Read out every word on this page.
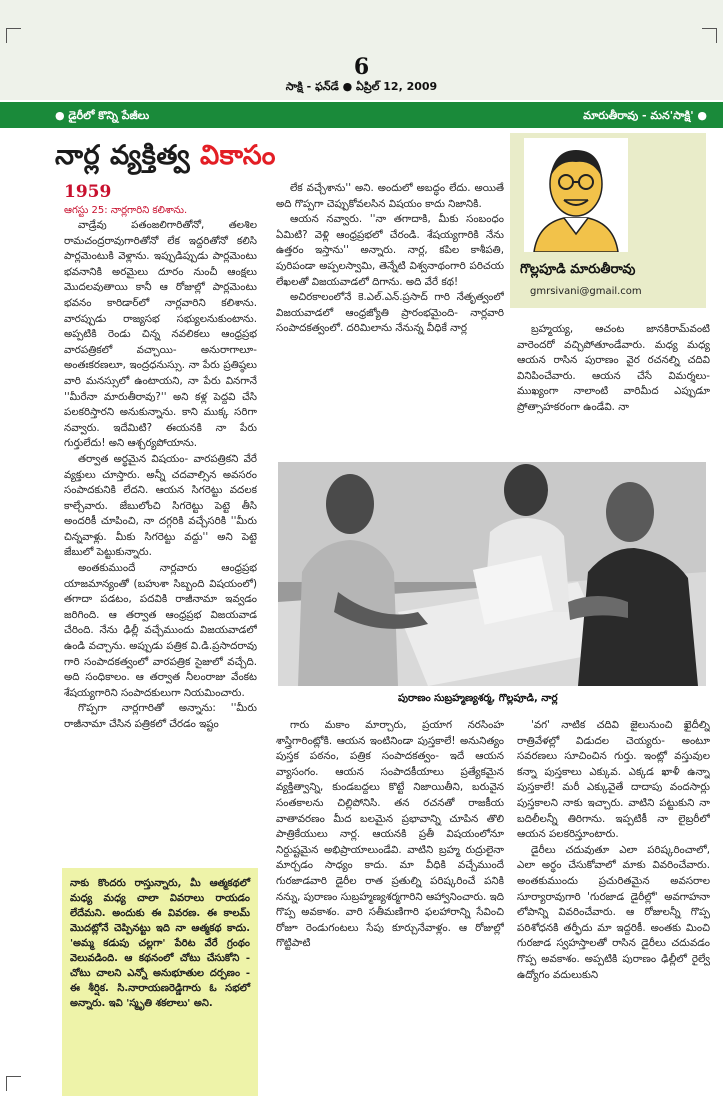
6
సాక్షి - ఫన్‌డే ● ఏప్రిల్ 12, 2009
● డైరీలో కొన్ని పేజీలు	మారుతీరావు - మన'సాక్షి' ●
నార్ల వ్యక్తిత్వ వికాసం
గొల్లపూడి మారుతీరావు
gmrsivani@gmail.com
1959
ఆగస్టు 25: నార్లగారిని కలిశాను.

వాడ్రేవు పతంజలిగారితోనో, తలశిల రామచంద్రరావుగారితోనో లేక ఇద్దరితోనో కలిసి పార్లమెంటుకి వెళ్లాను. ఇప్పుడిప్పుడు పార్లమెంటు భవనానికి అరమైలు దూరం నుంచీ ఆంక్షలు మొదలవుతాయి కానీ ఆ రోజుల్లో పార్లమెంటు భవనం కారిడార్‌లో నార్లవారిని కలిశాను. వారప్పుడు రాజ్యసభ సభ్యులనుకుంటాను. అప్పటికి రెండు చిన్న నవలికలు ఆంధ్రప్రభ వారపత్రికలో వచ్చాయి- అనురాగాలూ- అంతఃకరణలూ, ఇంద్రధనుస్సు. నా పేరు ప్రతిష్ఠలు వారి మనస్సులో ఉంటాయని, నా పేరు వినగానే ''మీరేనా మారుతీరావు?'' అని కళ్ల పెద్దవి చేసి పలకరిస్తారని అనుకున్నాను. కాని ముక్క సరిగా నవ్వారు. ఇదేమిటి? ఈయనకి నా పేరు గుర్తులేదు! అని ఆశ్చర్యపోయాను.

తర్వాత అర్థమైన విషయం- వారపత్రికని వేరే వ్యక్తులు చూస్తారు. అన్నీ చదవాల్సిన అవసరం సంపాదకునికి లేదని. ఆయన సిగరెట్టు వదలక కాల్చేవారు. జేబులోంచి సిగరెట్టు పెట్టె తీసి అందరికీ చూపించి, నా దగ్గరికి వచ్చేసరికి ''మీరు చిన్నవాళ్లు. మీకు సిగరెట్టు వద్దు'' అని పెట్టె జేబులో పెట్టుకున్నారు.

అంతకుముందే నార్లవారు ఆంధ్రప్రభ యాజమాన్యంతో (బహుశా సిబ్బంది విషయంలో) తగాదా పడటం, పదవికి రాజీనామా ఇవ్వడం జరిగింది. ఆ తర్వాత ఆంధ్రప్రభ విజయవాడ చేరింది. నేను ఢిల్లీ వచ్చేముందు విజయవాడలో ఉండి వచ్చాను. అప్పుడు పత్రిక వి.డి.ప్రసాదరావు గారి సంపాదకత్వంలో వారపత్రిక సైజులో వచ్చేది. అది సంధికాలం. ఆ తర్వాత నీలంరాజు వేంకట శేషయ్యగారిని సంపాదకులుగా నియమించారు.

గొప్పగా నార్లగారితో అన్నాను: ''మీరు రాజీనామా చేసిన పత్రికలో చేరడం ఇష్టం

లేక వచ్చేశాను'' అని. అందులో అబద్ధం లేదు. అయితే అది గొప్పగా చెప్పుకోవలసిన విషయం కాదు నిజానికి.

ఆయన నవ్వారు. ''నా తగాదాకి, మీకు సంబంధం ఏమిటి? వెళ్లి ఆంధ్రప్రభలో చేరండి. శేషయ్యగారికి నేను ఉత్తరం ఇస్తాను'' అన్నారు. నార్ల, కపిల కాశీపతి, పురిపండా అప్పలస్వామి, తెన్నేటి విశ్వనాథంగారి పరిచయ లేఖలతో విజయవాడలో దిగాను. అది వేరే కథ!

అచిరకాలంలోనే కె.ఎల్.ఎన్.ప్రసాద్ గారి నేతృత్వంలో విజయవాడలో ఆంధ్రజ్యోతి ప్రారంభమైంది- నార్లవారి సంపాదకత్వంలో. దరిమిలాను నేనున్న వీధికే నార్ల	బ్రహ్మయ్య, ఆచంట జానకిరామ్‌వంటి వారెందరో వచ్చిపోతూండేవారు. మధ్య మధ్య ఆయన రాసిన పురాణం వైర రచనల్ని చదివి వినిపించేవారు. ఆయన చేసే విమర్శలు- ముఖ్యంగా నాలాంటి వారిమీద ఎప్పుడూ ప్రోత్సాహకరంగా ఉండేవి. నా

పురాణం సుబ్రహ్మణ్యశర్మ, గొల్లపూడి, నార్ల

గారు మకాం మార్చారు, ప్రయాగ నరసింహ శాస్త్రిగారింట్లోకి. ఆయన ఇంటినిండా పుస్తకాలే! అనునిత్యం పుస్తక పఠనం, పత్రిక సంపాదకత్వం- ఇదే ఆయన వ్యాసంగం. ఆయన సంపాదకీయాలు ప్రత్యేకమైన వ్యక్తిత్వాన్ని, కుండబద్దలు కొట్టే నిజాయితీని, బరువైన సంతకాలను చిల్లిపోనిసి. తన రచనతో రాజకీయ వాతావరణం మీద బలమైన ప్రభావాన్ని చూపిన తొలి పాత్రికేయులు నార్ల. ఆయనకి ప్రతీ విషయంలోనూ నిర్దుష్టమైన అభిప్రాయాలుండేవి. వాటిని బ్రహ్మ రుద్రులైనా మార్చడం సాధ్యం కాదు. మా వీధికి వచ్చేముందే గురజాడవారి డైరీల రాత ప్రతుల్ని పరిష్కరించే పనికి నన్ను, పురాణం సుబ్రహ్మణ్యశర్మగారిని ఆహ్వానించారు. ఇది గొప్ప అవకాశం. వారి సతీమణిగారి ఫలహారాన్ని సేవించి రోజూ రెండుగంటలు సేపు కూర్చునేవాళ్లం. ఆ రోజుల్లో గొట్టిపాటి

'వగ' నాటిక చదివి జైలునుంచి ఖైదీల్ని రాత్రివేళల్లో విడుదల చెయ్యరు- అంటూ సవరణలు సూచించిన గుర్తు. ఇంట్లో వస్తువుల కన్నా పుస్తకాలు ఎక్కువ. ఎక్కడ ఖాళీ ఉన్నా పుస్తకాలే! మరీ ఎక్కువైతే దాదాపు వందసార్లు పుస్తకాలని నాకు ఇచ్చారు. వాటిని పట్టుకుని నా బదిలీలన్నీ తిరిగాను. ఇప్పటికీ నా లైబ్రరీలో ఆయన పలకరిస్తూంటారు.

డైరీలు చదువుతూ ఎలా పరిష్కరించాలో, ఎలా అర్థం చేసుకోవాలో మాకు వివరించేవారు. అంతకుముందు ప్రచురితమైన అవసరాల సూర్యారావుగారి 'గురజాడ డైరీల్లో' అవగాహనా లోపాన్ని వివరించేవారు. ఆ రోజులన్నీ గొప్ప పరిశోధనకి తర్ఫీదు మా ఇద్దరికీ. అంతకు మించి గురజాడ స్వహస్తాలతో రాసిన డైరీలు చదువడం గొప్ప అవకాశం. అప్పటికి పురాణం ఢిల్లీలో రైల్వే ఉద్యోగం వదులుకుని

నాకు కొందరు రాస్తున్నారు, మీ ఆత్మకథలో మధ్య మధ్య చాలా వివరాలు రాయడం లేదేమని. అందుకు ఈ వివరణ. ఈ కాలమ్ మొదట్లోనే చెప్పినట్టు ఇది నా ఆత్మకథ కాదు. 'అమ్మ కడుపు చల్లగా' పేరిట వేరే గ్రంథం వెలువడింది. ఆ కథనంలో చోటు చేసుకోని - చోటు చాలని ఎన్నో అనుభూతుల దర్పణం - ఈ శీర్షిక. సి.నారాయణరెడ్డిగారు ఓ సభలో అన్నారు. ఇవి 'స్మృతి శకలాలు' అని.
